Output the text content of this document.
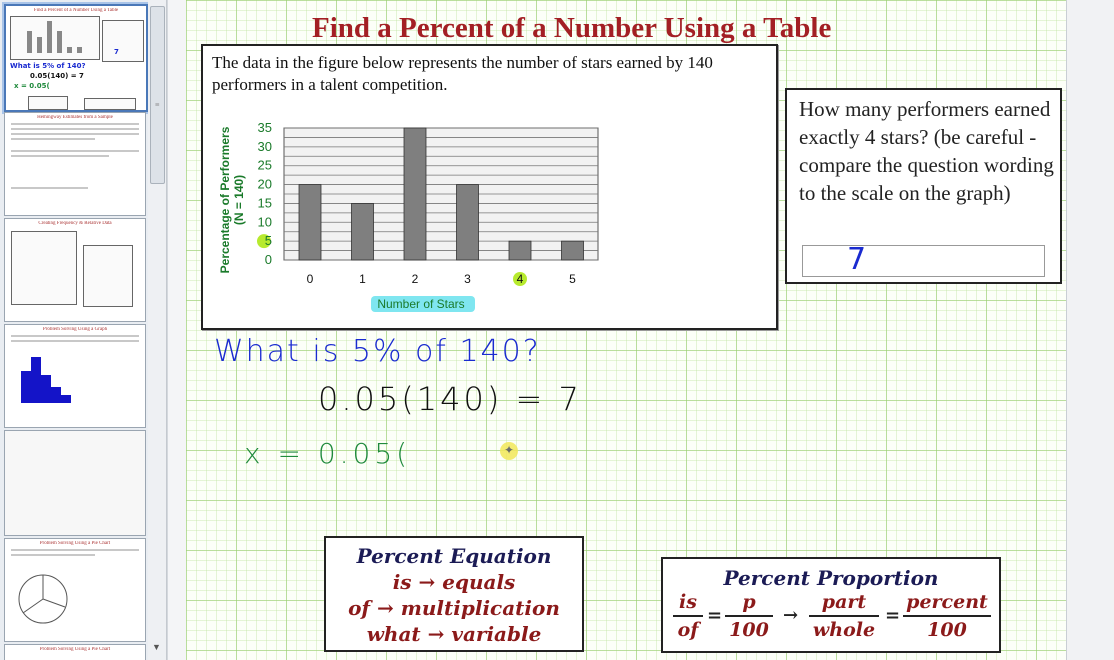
Find a Percent of a Number Using a Table
What is 5% of 140?
0.05(140) = 7
x = 0.05(
7
Hemingway Estimates from a Sample
Creating Frequency & Relative Data
Problem Solving Using a Graph
Problem Solving Using a Pie Chart
Problem Solving Using a Pie Chart
≡
▼
Find a Percent of a Number Using a Table
The data in the figure below represents the number of stars earned by 140 performers in a talent competition.
35
30
25
20
15
10
5
0
0	1	2	3	4	5
Percentage of Performers (N = 140)
Number of Stars
How many performers earned exactly 4 stars? (be careful - compare the question wording to the scale on the graph)
7
What is 5% of 140?
0.05(140) = 7
x = 0.05(	✦
Percent Equation
is → equals
of → multiplication
what → variable
Percent Proportion
is
of
=
p
100
→
part
whole
=
percent
100
